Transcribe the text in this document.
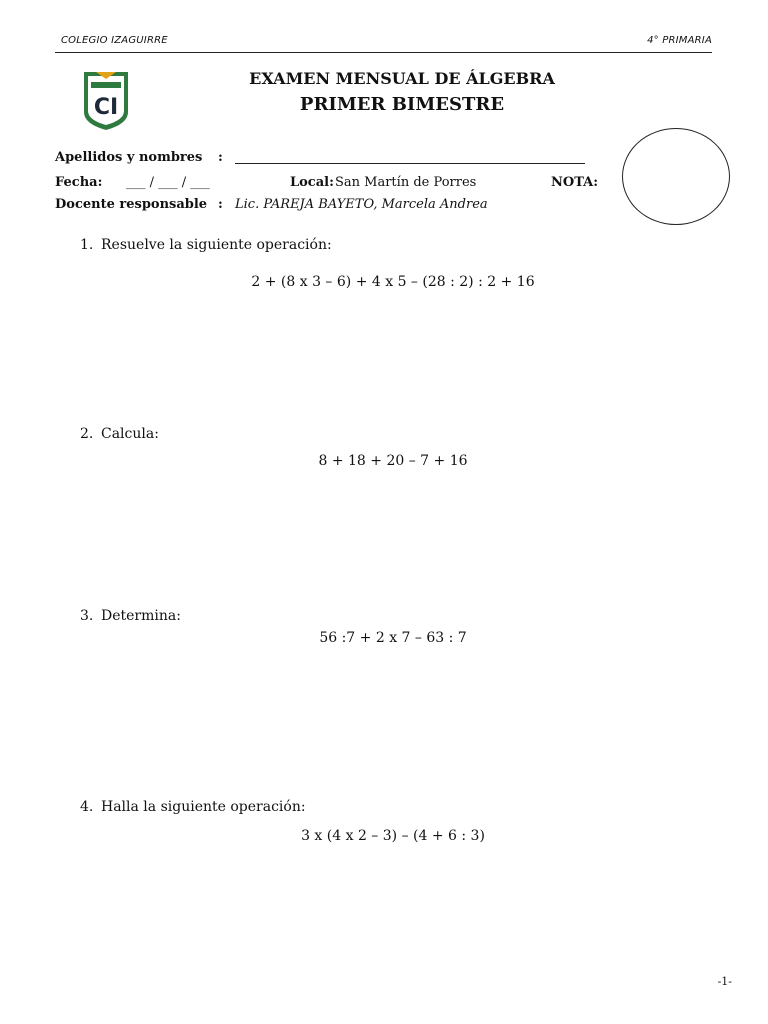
COLEGIO IZAGUIRRE	4° PRIMARIA
CI
EXAMEN MENSUAL DE ÁLGEBRA
PRIMER BIMESTRE
Apellidos y nombres :
Fecha: ___ / ___ / ___	Local: San Martín de Porres	NOTA:
Docente responsable : Lic. PAREJA BAYETO, Marcela Andrea
1. Resuelve la siguiente operación:
2 + (8 x 3 – 6) + 4 x 5 – (28 : 2) : 2 + 16
2. Calcula:
8 + 18 + 20 – 7 + 16
3. Determina:
56 :7 + 2 x 7 – 63 : 7
4. Halla la siguiente operación:
3 x (4 x 2 – 3) – (4 + 6 : 3)
-1-
